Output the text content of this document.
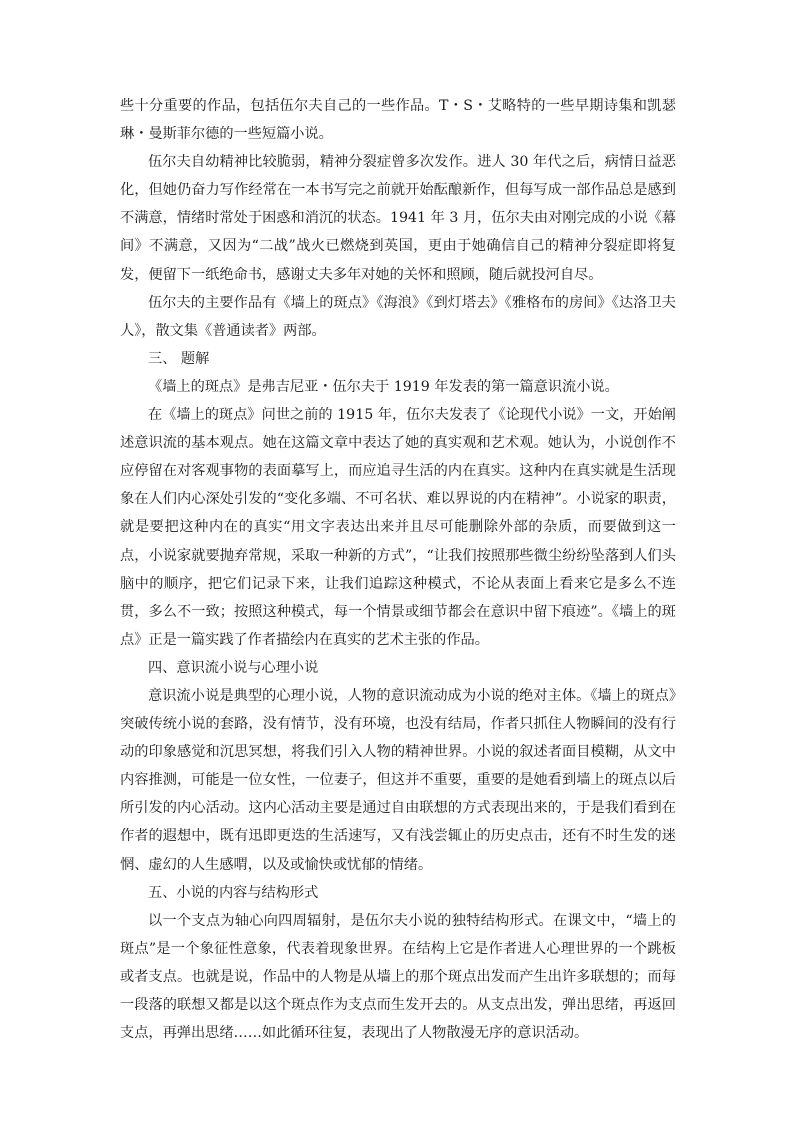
些十分重要的作品，包括伍尔夫自己的一些作品。T・S・艾略特的一些早期诗集和凯瑟琳・曼斯菲尔德的一些短篇小说。

伍尔夫自幼精神比较脆弱，精神分裂症曾多次发作。进人 30 年代之后，病情日益恶化，但她仍奋力写作经常在一本书写完之前就开始酝酿新作，但每写成一部作品总是感到不满意，情绪时常处于困惑和消沉的状态。1941 年 3 月，伍尔夫由对刚完成的小说《幕间》不满意，又因为“二战”战火已燃烧到英国，更由于她确信自己的精神分裂症即将复发，便留下一纸绝命书，感谢丈夫多年对她的关怀和照顾，随后就投河自尽。

伍尔夫的主要作品有《墙上的斑点》《海浪》《到灯塔去》《雅格布的房间》《达洛卫夫人》，散文集《普通读者》两部。

三、 题解

《墙上的斑点》是弗吉尼亚・伍尔夫于 1919 年发表的第一篇意识流小说。

在《墙上的斑点》问世之前的 1915 年，伍尔夫发表了《论现代小说》一文，开始阐述意识流的基本观点。她在这篇文章中表达了她的真实观和艺术观。她认为，小说创作不应停留在对客观事物的表面摹写上，而应追寻生活的内在真实。这种内在真实就是生活现象在人们内心深处引发的“变化多端、不可名状、难以界说的内在精神”。小说家的职责，就是要把这种内在的真实“用文字表达出来并且尽可能删除外部的杂质，而要做到这一点，小说家就要抛弃常规，采取一种新的方式”，“让我们按照那些微尘纷纷坠落到人们头脑中的顺序，把它们记录下来，让我们追踪这种模式，不论从表面上看来它是多么不连贯，多么不一致；按照这种模式，每一个情景或细节都会在意识中留下痕迹”。《墙上的斑点》正是一篇实践了作者描绘内在真实的艺术主张的作品。

四、意识流小说与心理小说

意识流小说是典型的心理小说，人物的意识流动成为小说的绝对主体。《墙上的斑点》突破传统小说的套路，没有情节，没有环境，也没有结局，作者只抓住人物瞬间的没有行动的印象感觉和沉思冥想，将我们引入人物的精神世界。小说的叙述者面目模糊，从文中内容推测，可能是一位女性，一位妻子，但这并不重要，重要的是她看到墙上的斑点以后所引发的内心活动。这内心活动主要是通过自由联想的方式表现出来的，于是我们看到在作者的遐想中，既有迅即更迭的生活速写，又有浅尝辄止的历史点击，还有不时生发的迷惘、虚幻的人生感喟，以及或愉快或忧郁的情绪。

五、小说的内容与结构形式

以一个支点为轴心向四周辐射，是伍尔夫小说的独特结构形式。在课文中，“墙上的斑点”是一个象征性意象，代表着现象世界。在结构上它是作者进人心理世界的一个跳板或者支点。也就是说，作品中的人物是从墙上的那个斑点出发而产生出许多联想的；而每一段落的联想又都是以这个斑点作为支点而生发开去的。从支点出发，弹出思绪，再返回支点，再弹出思绪……如此循环往复，表现出了人物散漫无序的意识活动。
